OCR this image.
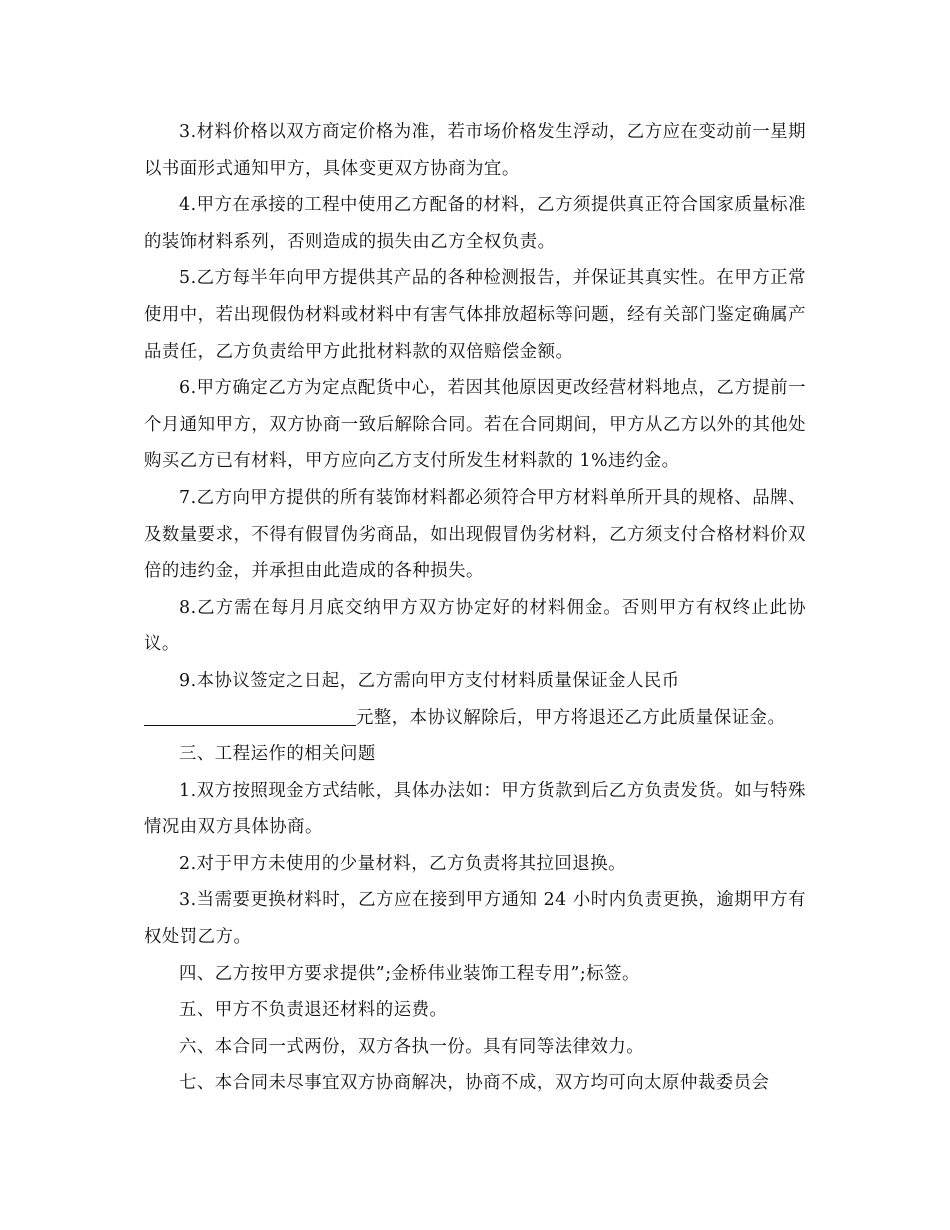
3.材料价格以双方商定价格为准，若市场价格发生浮动，乙方应在变动前一星期以书面形式通知甲方，具体变更双方协商为宜。

4.甲方在承接的工程中使用乙方配备的材料，乙方须提供真正符合国家质量标准的装饰材料系列，否则造成的损失由乙方全权负责。

5.乙方每半年向甲方提供其产品的各种检测报告，并保证其真实性。在甲方正常使用中，若出现假伪材料或材料中有害气体排放超标等问题，经有关部门鉴定确属产品责任，乙方负责给甲方此批材料款的双倍赔偿金额。

6.甲方确定乙方为定点配货中心，若因其他原因更改经营材料地点，乙方提前一个月通知甲方，双方协商一致后解除合同。若在合同期间，甲方从乙方以外的其他处购买乙方已有材料，甲方应向乙方支付所发生材料款的 1%违约金。

7.乙方向甲方提供的所有装饰材料都必须符合甲方材料单所开具的规格、品牌、及数量要求，不得有假冒伪劣商品，如出现假冒伪劣材料，乙方须支付合格材料价双倍的违约金，并承担由此造成的各种损失。

8.乙方需在每月月底交纳甲方双方协定好的材料佣金。否则甲方有权终止此协议。

9.本协议签定之日起，乙方需向甲方支付材料质量保证金人民币
元整，本协议解除后，甲方将退还乙方此质量保证金。

三、工程运作的相关问题

1.双方按照现金方式结帐，具体办法如：甲方货款到后乙方负责发货。如与特殊情况由双方具体协商。

2.对于甲方未使用的少量材料，乙方负责将其拉回退换。

3.当需要更换材料时，乙方应在接到甲方通知 24 小时内负责更换，逾期甲方有权处罚乙方。

四、乙方按甲方要求提供”;金桥伟业装饰工程专用”;标签。

五、甲方不负责退还材料的运费。

六、本合同一式两份，双方各执一份。具有同等法律效力。

七、本合同未尽事宜双方协商解决，协商不成，双方均可向太原仲裁委员会
